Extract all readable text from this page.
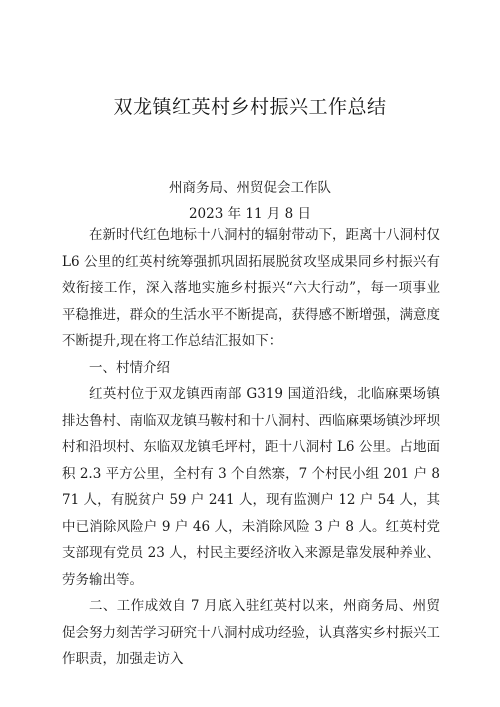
双龙镇红英村乡村振兴工作总结
州商务局、州贸促会工作队
2023 年 11 月 8 日

在新时代红色地标十八洞村的辐射带动下，距离十八洞村仅 L6 公里的红英村统筹强抓巩固拓展脱贫攻坚成果同乡村振兴有效衔接工作，深入落地实施乡村振兴“六大行动”，每一项事业平稳推进，群众的生活水平不断提高，获得感不断增强，满意度不断提升,现在将工作总结汇报如下：

一、村情介绍

红英村位于双龙镇西南部 G319 国道沿线，北临麻栗场镇排达鲁村、南临双龙镇马鞍村和十八洞村、西临麻栗场镇沙坪坝村和沿坝村、东临双龙镇毛坪村，距十八洞村 L6 公里。占地面积 2.3 平方公里，全村有 3 个自然寨，7 个村民小组 201 户 871 人，有脱贫户 59 户 241 人，现有监测户 12 户 54 人，其中已消除风险户 9 户 46 人，未消除风险 3 户 8 人。红英村党支部现有党员 23 人，村民主要经济收入来源是靠发展种养业、劳务输出等。

二、工作成效自 7 月底入驻红英村以来，州商务局、州贸促会努力刻苦学习研究十八洞村成功经验，认真落实乡村振兴工作职责，加强走访入
